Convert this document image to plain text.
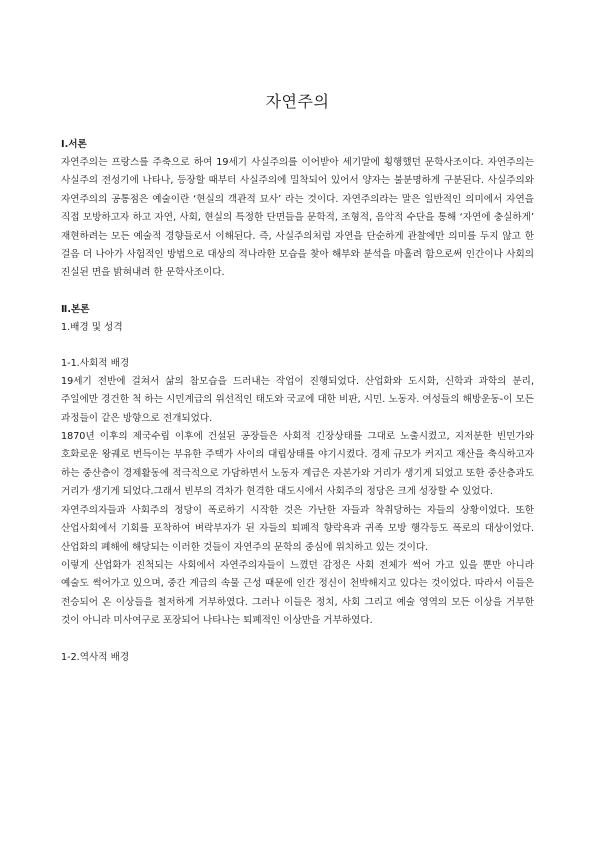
자연주의
Ⅰ.서론

자연주의는 프랑스를 주축으로 하여 19세기 사실주의를 이어받아 세기말에 횡행했던 문학사조이다. 자연주의는 사실주의 전성기에 나타나, 등장할 때부터 사실주의에 밀착되어 있어서 양자는 불분명하게 구분된다. 사실주의와 자연주의의 공통점은 예술이란 ‘현실의 객관적 묘사’ 라는 것이다. 자연주의라는 말은 일반적인 의미에서 자연을 직접 모방하고자 하고 자연, 사회, 현실의 특정한 단면들을 문학적, 조형적, 음악적 수단을 통해 ‘자연에 충실하게’ 재현하려는 모든 예술적 경향들로서 이해된다. 즉, 사실주의처럼 자연을 단순하게 관찰에만 의미를 두지 않고 한 걸음 더 나아가 사험적인 방법으로 대상의 적나라한 모습을 찾아 해부와 분석을 마홀려 함으로써 인간이나 사회의 진실된 면을 밝혀내려 한 문학사조이다.

Ⅱ.본론
1.배경 및 성격
1-1.사회적 배경

19세기 전반에 걸쳐서 삶의 참모습을 드러내는 작업이 진행되었다. 산업화와 도시화, 신학과 과학의 분리, 주일에만 경건한 척 하는 시민계급의 위선적인 태도와 국교에 대한 비판, 시민. 노동자. 여성들의 해방운동-이 모든 과정들이 같은 방향으로 전개되었다.

1870년 이후의 제국수립 이후에 건설된 공장들은 사회적 긴장상태를 그대로 노출시켰고, 지저분한 빈민가와 호화로운 왕궤로 번득이는 부유한 주택가 사이의 대립상태를 야기시켰다. 경제 규모가 커지고 재산을 축식하고자 하는 중산층이 경제활동에 적극적으로 가담하면서 노동자 계급은 자본가와 거리가 생기게 되었고 또한 중산층과도 거리가 생기게 되었다.그래서 빈부의 격차가 현격한 대도시에서 사회주의 정당은 크게 성장할 수 있었다.

자연주의자들과 사회주의 정당이 폭로하기 시작한 것은 가난한 자들과 착취당하는 자들의 상황이었다. 또한 산업사회에서 기회를 포착하여 벼락부자가 된 자들의 퇴폐적 향락욕과 귀족 모방 행각등도 폭로의 대상이었다. 산업화의 폐해에 해당되는 이러한 것들이 자연주의 문학의 중심에 위치하고 있는 것이다.

이렇게 산업화가 진척되는 사회에서 자연주의자들이 느꼈던 감정은 사회 전체가 썩어 가고 있을 뿐만 아니라 예술도 썩어가고 있으며, 중간 계급의 속물 근성 때문에 인간 정신이 천박해지고 있다는 것이었다. 따라서 이들은 전승되어 온 이상들을 철저하게 거부하였다. 그러나 이들은 정치, 사회 그리고 예술 영역의 모든 이상을 거부한 것이 아니라 미사여구로 포장되어 나타나는 퇴폐적인 이상만을 거부하였다.

1-2.역사적 배경
